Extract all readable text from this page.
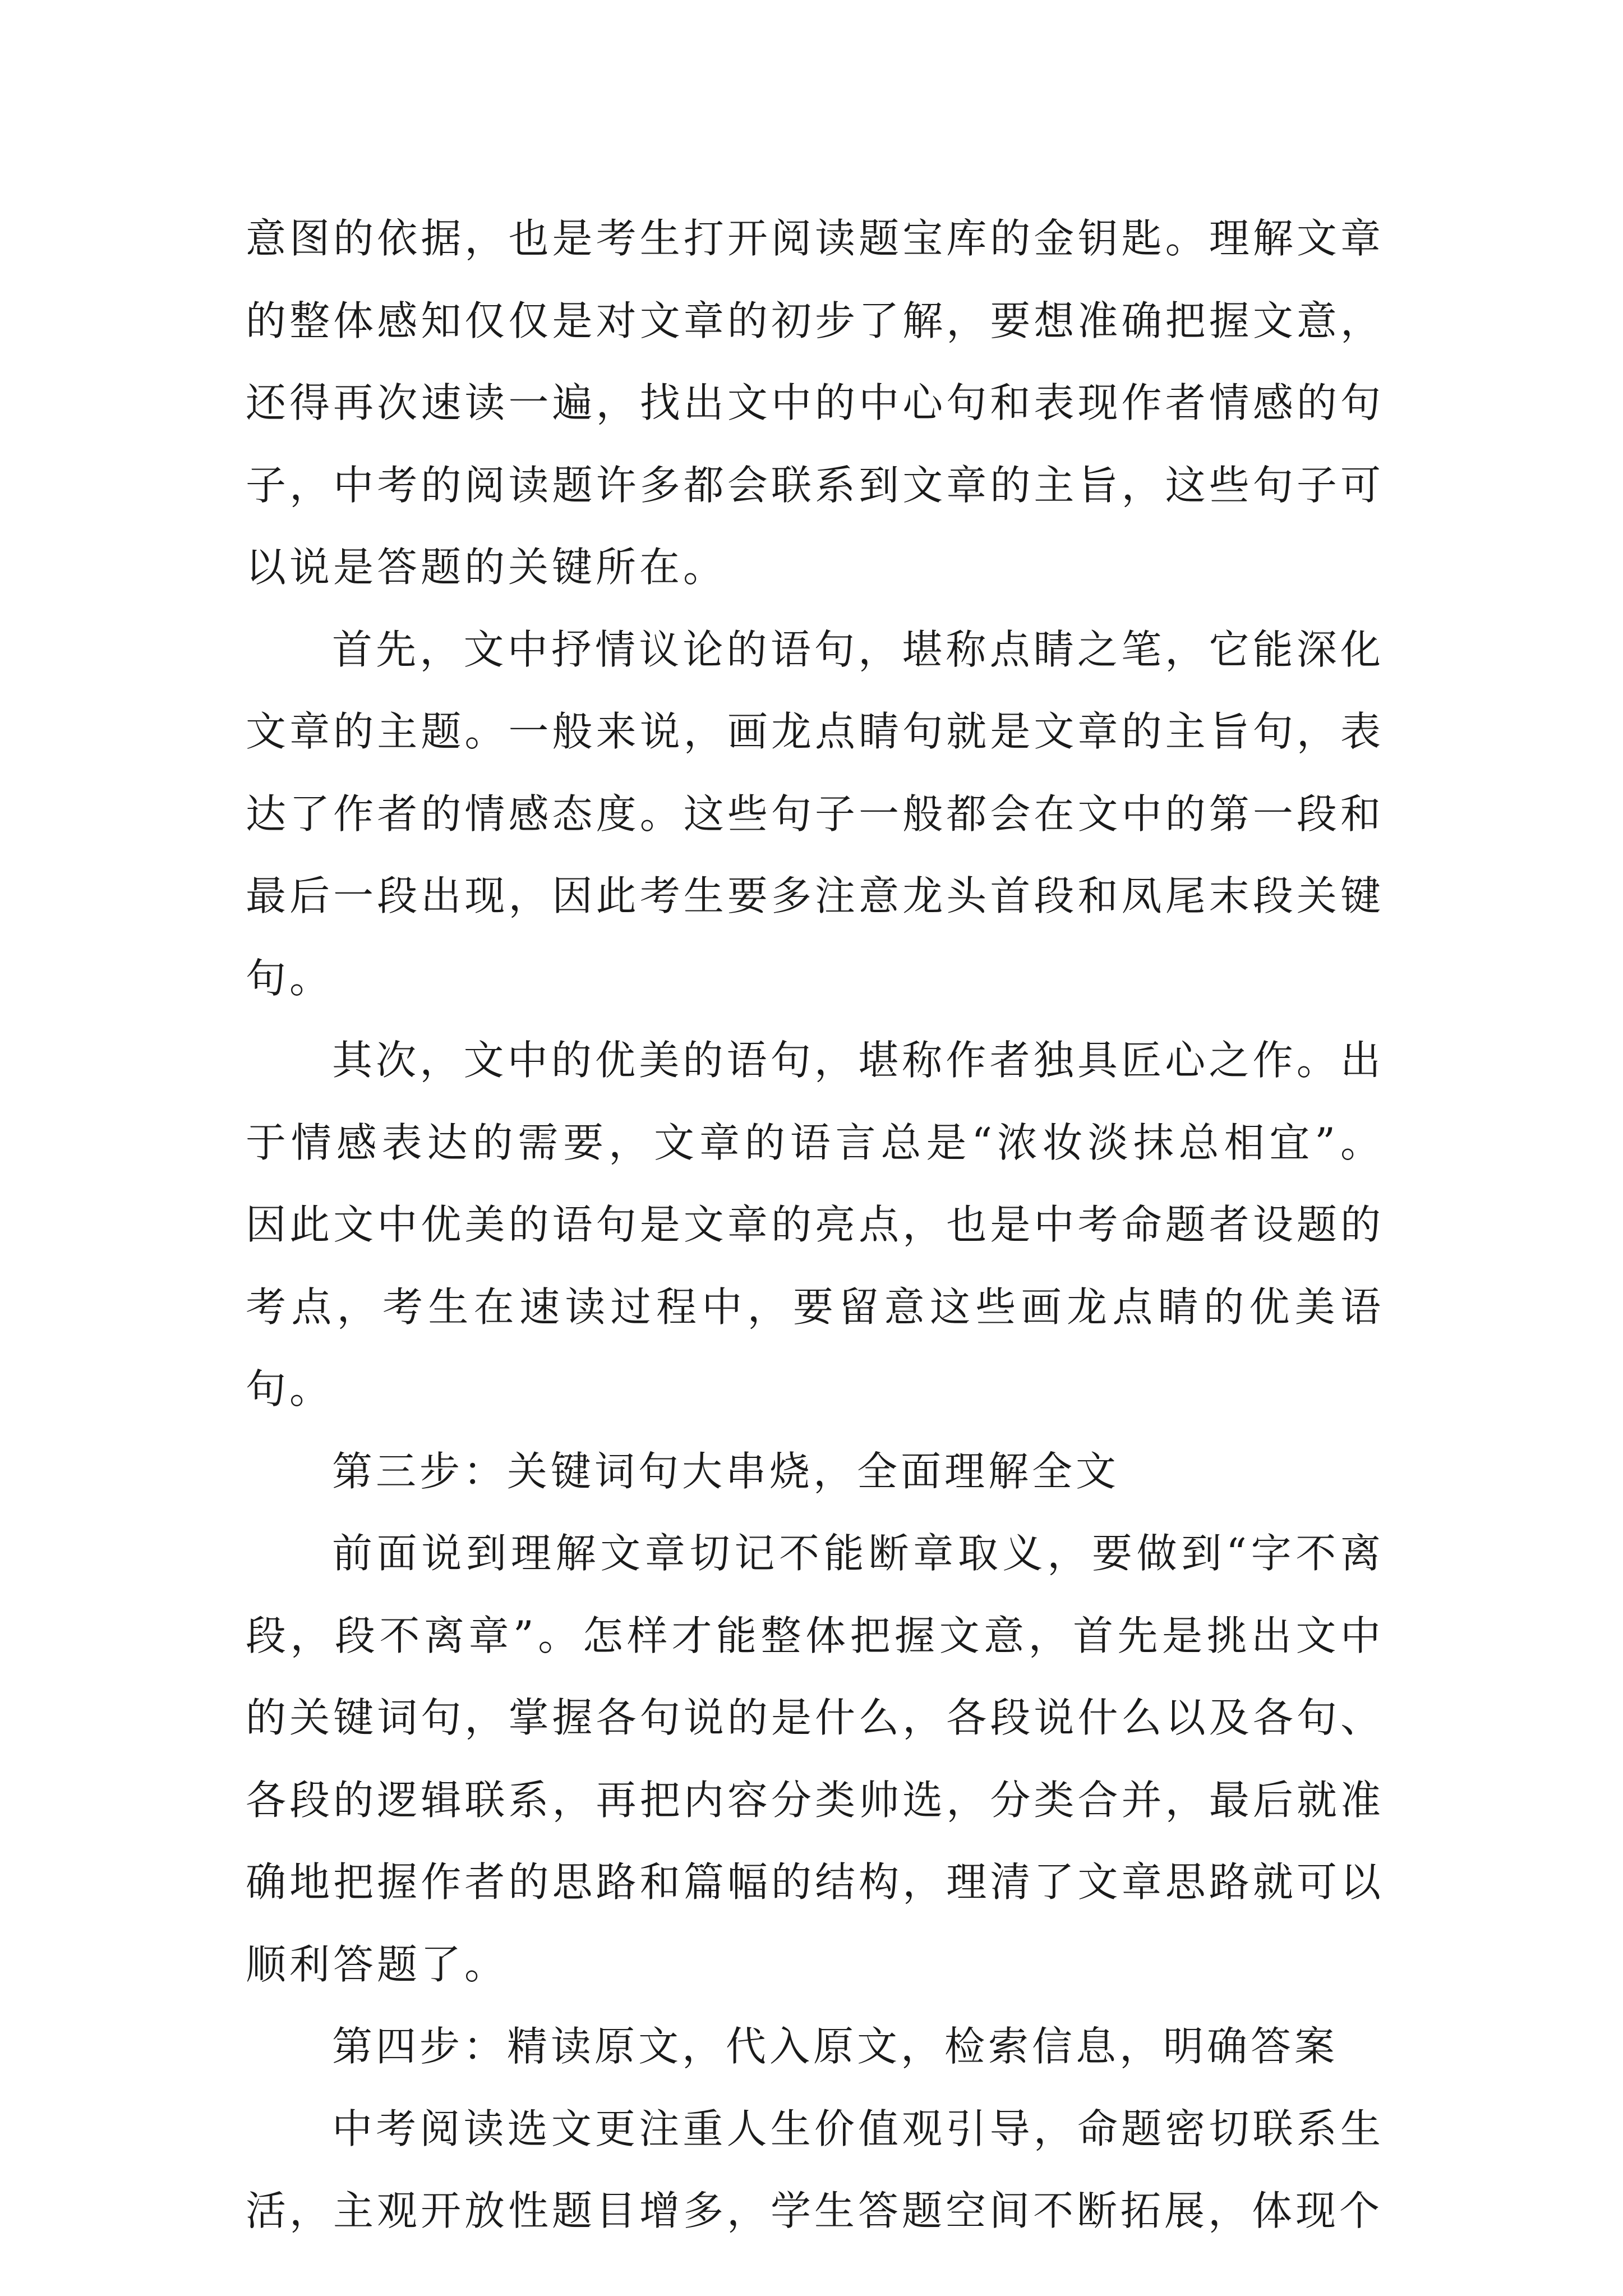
意图的依据，也是考生打开阅读题宝库的金钥匙。理解文章的整体感知仅仅是对文章的初步了解，要想准确把握文意，还得再次速读一遍，找出文中的中心句和表现作者情感的句子，中考的阅读题许多都会联系到文章的主旨，这些句子可以说是答题的关键所在。

首先，文中抒情议论的语句，堪称点睛之笔，它能深化文章的主题。一般来说，画龙点睛句就是文章的主旨句，表达了作者的情感态度。这些句子一般都会在文中的第一段和最后一段出现，因此考生要多注意龙头首段和凤尾末段关键句。

其次，文中的优美的语句，堪称作者独具匠心之作。出于情感表达的需要，文章的语言总是“浓妆淡抹总相宜”。因此文中优美的语句是文章的亮点，也是中考命题者设题的考点，考生在速读过程中，要留意这些画龙点睛的优美语句。

第三步：关键词句大串烧，全面理解全文

前面说到理解文章切记不能断章取义，要做到“字不离段，段不离章”。怎样才能整体把握文意，首先是挑出文中的关键词句，掌握各句说的是什么，各段说什么以及各句、各段的逻辑联系，再把内容分类帅选，分类合并，最后就准确地把握作者的思路和篇幅的结构，理清了文章思路就可以顺利答题了。

第四步：精读原文，代入原文，检索信息，明确答案

中考阅读选文更注重人生价值观引导，命题密切联系生活，主观开放性题目增多，学生答题空间不断拓展，体现个
